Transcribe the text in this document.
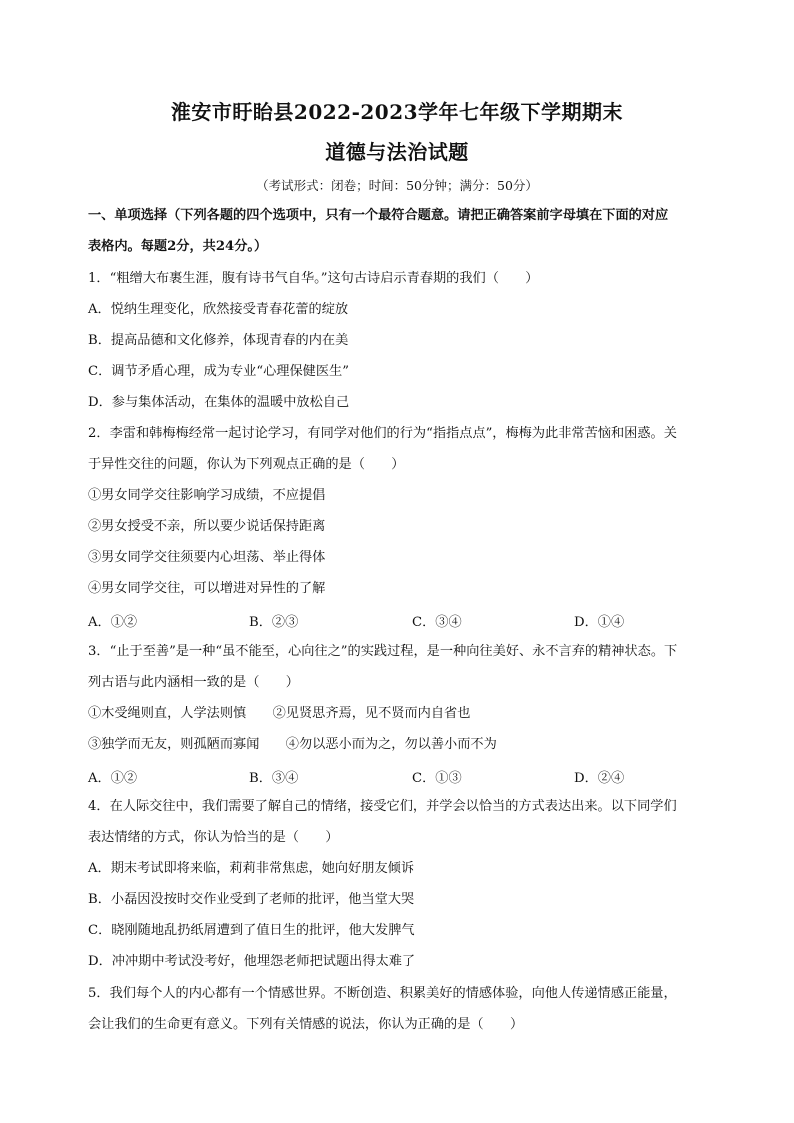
淮安市盱眙县2022-2023学年七年级下学期期末
道德与法治试题
（考试形式：闭卷；时间：50分钟；满分：50分）
一、单项选择（下列各题的四个选项中，只有一个最符合题意。请把正确答案前字母填在下面的对应
表格内。每题2分，共24分。）
1．“粗缯大布裹生涯，腹有诗书气自华。”这句古诗启示青春期的我们（　　）
A．悦纳生理变化，欣然接受青春花蕾的绽放
B．提高品德和文化修养，体现青春的内在美
C．调节矛盾心理，成为专业“心理保健医生”
D．参与集体活动，在集体的温暖中放松自己
2．李雷和韩梅梅经常一起讨论学习，有同学对他们的行为“指指点点”，梅梅为此非常苦恼和困惑。关
于异性交往的问题，你认为下列观点正确的是（　　）
①男女同学交往影响学习成绩，不应提倡
②男女授受不亲，所以要少说话保持距离
③男女同学交往须要内心坦荡、举止得体
④男女同学交往，可以增进对异性的了解
A．①②	B．②③	C．③④	D．①④
3．“止于至善”是一种“虽不能至，心向往之”的实践过程，是一种向往美好、永不言弃的精神状态。下
列古语与此内涵相一致的是（　　）
①木受绳则直，人学法则慎　　②见贤思齐焉，见不贤而内自省也
③独学而无友，则孤陋而寡闻　　④勿以恶小而为之，勿以善小而不为
A．①②	B．③④	C．①③	D．②④
4．在人际交往中，我们需要了解自己的情绪，接受它们，并学会以恰当的方式表达出来。以下同学们
表达情绪的方式，你认为恰当的是（　　）
A．期末考试即将来临，莉莉非常焦虑，她向好朋友倾诉
B．小磊因没按时交作业受到了老师的批评，他当堂大哭
C．晓刚随地乱扔纸屑遭到了值日生的批评，他大发脾气
D．冲冲期中考试没考好，他埋怨老师把试题出得太难了
5．我们每个人的内心都有一个情感世界。不断创造、积累美好的情感体验，向他人传递情感正能量，
会让我们的生命更有意义。下列有关情感的说法，你认为正确的是（　　）
